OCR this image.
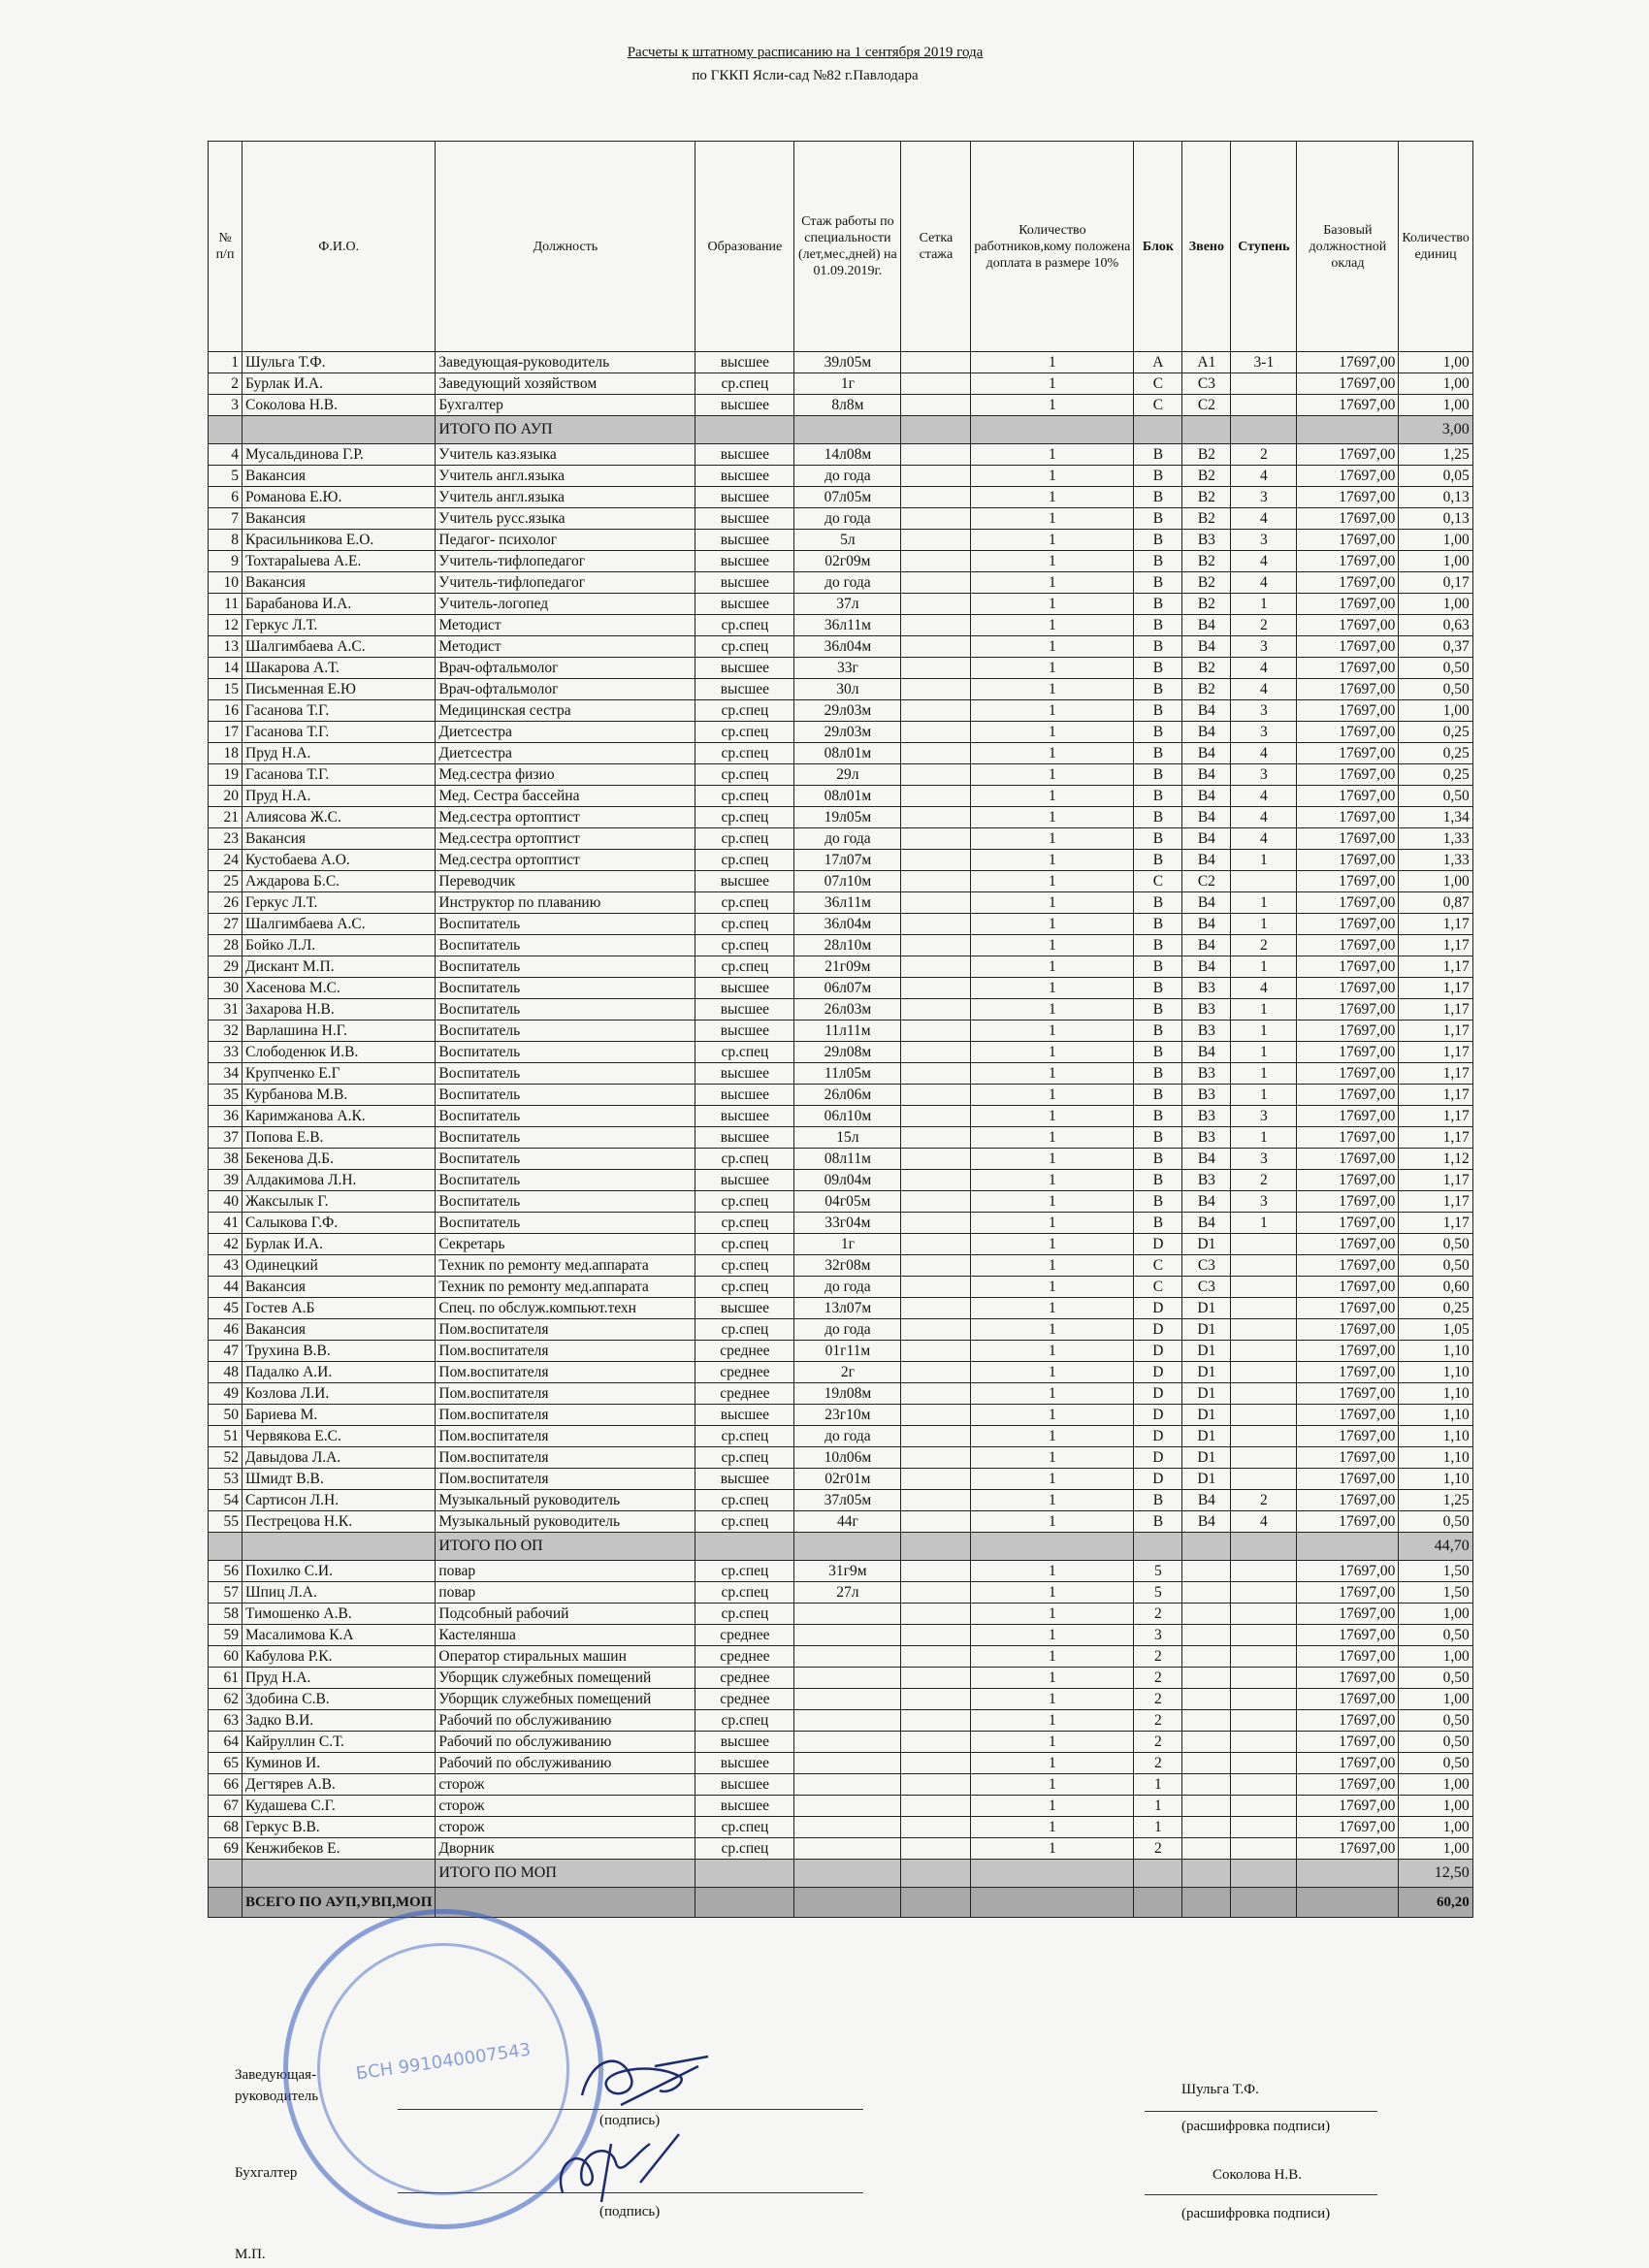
Расчеты к штатному расписанию на 1 сентября 2019 года
по ГККП Ясли-сад №82 г.Павлодара
№ п/п	Ф.И.О.	Должность	Образование	Стаж работы по специальности (лет,мес,дней) на 01.09.2019г.	Сетка стажа	Количество работников,кому положена доплата в размере 10%	Блок	Звено	Ступень	Базовый должностной оклад	Количество единиц
1	Шульга Т.Ф.	Заведующая-руководитель	высшее	39л05м		1	A	A1	3-1	17697,00	1,00
2	Бурлак И.А.	Заведующий хозяйством	ср.спец	1г		1	C	C3		17697,00	1,00
3	Соколова Н.В.	Бухгалтер	высшее	8л8м		1	C	C2		17697,00	1,00
		ИТОГО ПО АУП									3,00
4	Мусальдинова Г.Р.	Учитель каз.языка	высшее	14л08м		1	B	B2	2	17697,00	1,25
5	Вакансия	Учитель англ.языка	высшее	до года		1	B	B2	4	17697,00	0,05
6	Романова Е.Ю.	Учитель англ.языка	высшее	07л05м		1	B	B2	3	17697,00	0,13
7	Вакансия	Учитель русс.языка	высшее	до года		1	B	B2	4	17697,00	0,13
8	Красильникова Е.О.	Педагог- психолог	высшее	5л		1	B	B3	3	17697,00	1,00
9	Тохтарalыева А.Е.	Учитель-тифлопедагог	высшее	02г09м		1	B	B2	4	17697,00	1,00
10	Вакансия	Учитель-тифлопедагог	высшее	до года		1	B	B2	4	17697,00	0,17
11	Барабанова И.А.	Учитель-логопед	высшее	37л		1	B	B2	1	17697,00	1,00
12	Геркус Л.Т.	Методист	ср.спец	36л11м		1	B	B4	2	17697,00	0,63
13	Шалгимбаева А.С.	Методист	ср.спец	36л04м		1	B	B4	3	17697,00	0,37
14	Шакарова А.Т.	Врач-офтальмолог	высшее	33г		1	B	B2	4	17697,00	0,50
15	Письменная Е.Ю	Врач-офтальмолог	высшее	30л		1	B	B2	4	17697,00	0,50
16	Гасанова Т.Г.	Медицинская сестра	ср.спец	29л03м		1	B	B4	3	17697,00	1,00
17	Гасанова Т.Г.	Диетсестра	ср.спец	29л03м		1	B	B4	3	17697,00	0,25
18	Пруд Н.А.	Диетсестра	ср.спец	08л01м		1	B	B4	4	17697,00	0,25
19	Гасанова Т.Г.	Мед.сестра физио	ср.спец	29л		1	B	B4	3	17697,00	0,25
20	Пруд Н.А.	Мед. Сестра бассейна	ср.спец	08л01м		1	B	B4	4	17697,00	0,50
21	Алиясова Ж.С.	Мед.сестра ортоптист	ср.спец	19л05м		1	B	B4	4	17697,00	1,34
23	Вакансия	Мед.сестра ортоптист	ср.спец	до года		1	B	B4	4	17697,00	1,33
24	Кустобаева А.О.	Мед.сестра ортоптист	ср.спец	17л07м		1	B	B4	1	17697,00	1,33
25	Аждарова Б.С.	Переводчик	высшее	07л10м		1	C	C2		17697,00	1,00
26	Геркус Л.Т.	Инструктор по плаванию	ср.спец	36л11м		1	B	B4	1	17697,00	0,87
27	Шалгимбаева А.С.	Воспитатель	ср.спец	36л04м		1	B	B4	1	17697,00	1,17
28	Бойко Л.Л.	Воспитатель	ср.спец	28л10м		1	B	B4	2	17697,00	1,17
29	Дискант М.П.	Воспитатель	ср.спец	21г09м		1	B	B4	1	17697,00	1,17
30	Хасенова М.С.	Воспитатель	высшее	06л07м		1	B	B3	4	17697,00	1,17
31	Захарова Н.В.	Воспитатель	высшее	26л03м		1	B	B3	1	17697,00	1,17
32	Варлашина Н.Г.	Воспитатель	высшее	11л11м		1	B	B3	1	17697,00	1,17
33	Слободенюк И.В.	Воспитатель	ср.спец	29л08м		1	B	B4	1	17697,00	1,17
34	Крупченко Е.Г	Воспитатель	высшее	11л05м		1	B	B3	1	17697,00	1,17
35	Курбанова М.В.	Воспитатель	высшее	26л06м		1	B	B3	1	17697,00	1,17
36	Каримжанова А.К.	Воспитатель	высшее	06л10м		1	B	B3	3	17697,00	1,17
37	Попова Е.В.	Воспитатель	высшее	15л		1	B	B3	1	17697,00	1,17
38	Бекенова Д.Б.	Воспитатель	ср.спец	08л11м		1	B	B4	3	17697,00	1,12
39	Алдакимова Л.Н.	Воспитатель	высшее	09л04м		1	B	B3	2	17697,00	1,17
40	Жаксылык Г.	Воспитатель	ср.спец	04г05м		1	B	B4	3	17697,00	1,17
41	Салыкова Г.Ф.	Воспитатель	ср.спец	33г04м		1	B	B4	1	17697,00	1,17
42	Бурлак И.А.	Секретарь	ср.спец	1г		1	D	D1		17697,00	0,50
43	Одинецкий	Техник по ремонту мед.аппарата	ср.спец	32г08м		1	C	C3		17697,00	0,50
44	Вакансия	Техник по ремонту мед.аппарата	ср.спец	до года		1	C	C3		17697,00	0,60
45	Гостев А.Б	Спец. по обслуж.компьют.техн	высшее	13л07м		1	D	D1		17697,00	0,25
46	Вакансия	Пом.воспитателя	ср.спец	до года		1	D	D1		17697,00	1,05
47	Трухина В.В.	Пом.воспитателя	среднее	01г11м		1	D	D1		17697,00	1,10
48	Падалко А.И.	Пом.воспитателя	среднее	2г		1	D	D1		17697,00	1,10
49	Козлова Л.И.	Пом.воспитателя	среднее	19л08м		1	D	D1		17697,00	1,10
50	Бариева М.	Пом.воспитателя	высшее	23г10м		1	D	D1		17697,00	1,10
51	Червякова Е.С.	Пом.воспитателя	ср.спец	до года		1	D	D1		17697,00	1,10
52	Давыдова Л.А.	Пом.воспитателя	ср.спец	10л06м		1	D	D1		17697,00	1,10
53	Шмидт В.В.	Пом.воспитателя	высшее	02г01м		1	D	D1		17697,00	1,10
54	Сартисон Л.Н.	Музыкальный руководитель	ср.спец	37л05м		1	B	B4	2	17697,00	1,25
55	Пестрецова Н.К.	Музыкальный руководитель	ср.спец	44г		1	B	B4	4	17697,00	0,50
		ИТОГО ПО ОП									44,70
56	Похилко С.И.	повар	ср.спец	31г9м		1	5			17697,00	1,50
57	Шпиц Л.А.	повар	ср.спец	27л		1	5			17697,00	1,50
58	Тимошенко А.В.	Подсобный рабочий	ср.спец			1	2			17697,00	1,00
59	Масалимова К.А	Кастелянша	среднее			1	3			17697,00	0,50
60	Кабулова Р.К.	Оператор стиральных машин	среднее			1	2			17697,00	1,00
61	Пруд Н.А.	Уборщик служебных помещений	среднее			1	2			17697,00	0,50
62	Здобина С.В.	Уборщик служебных помещений	среднее			1	2			17697,00	1,00
63	Задко В.И.	Рабочий по обслуживанию	ср.спец			1	2			17697,00	0,50
64	Кайруллин С.Т.	Рабочий по обслуживанию	высшее			1	2			17697,00	0,50
65	Куминов И.	Рабочий по обслуживанию	высшее			1	2			17697,00	0,50
66	Дегтярев А.В.	сторож	высшее			1	1			17697,00	1,00
67	Кудашева С.Г.	сторож	высшее			1	1			17697,00	1,00
68	Геркус В.В.	сторож	ср.спец			1	1			17697,00	1,00
69	Кенжибеков Е.	Дворник	ср.спец			1	2			17697,00	1,00
		ИТОГО ПО МОП									12,50
	ВСЕГО ПО АУП,УВП,МОП										60,20
Заведующая-
руководитель
(подпись)
Шульга Т.Ф.
(расшифровка подписи)
Бухгалтер
(подпись)
Соколова Н.В.
(расшифровка подписи)
М.П.
БСН 991040007543
